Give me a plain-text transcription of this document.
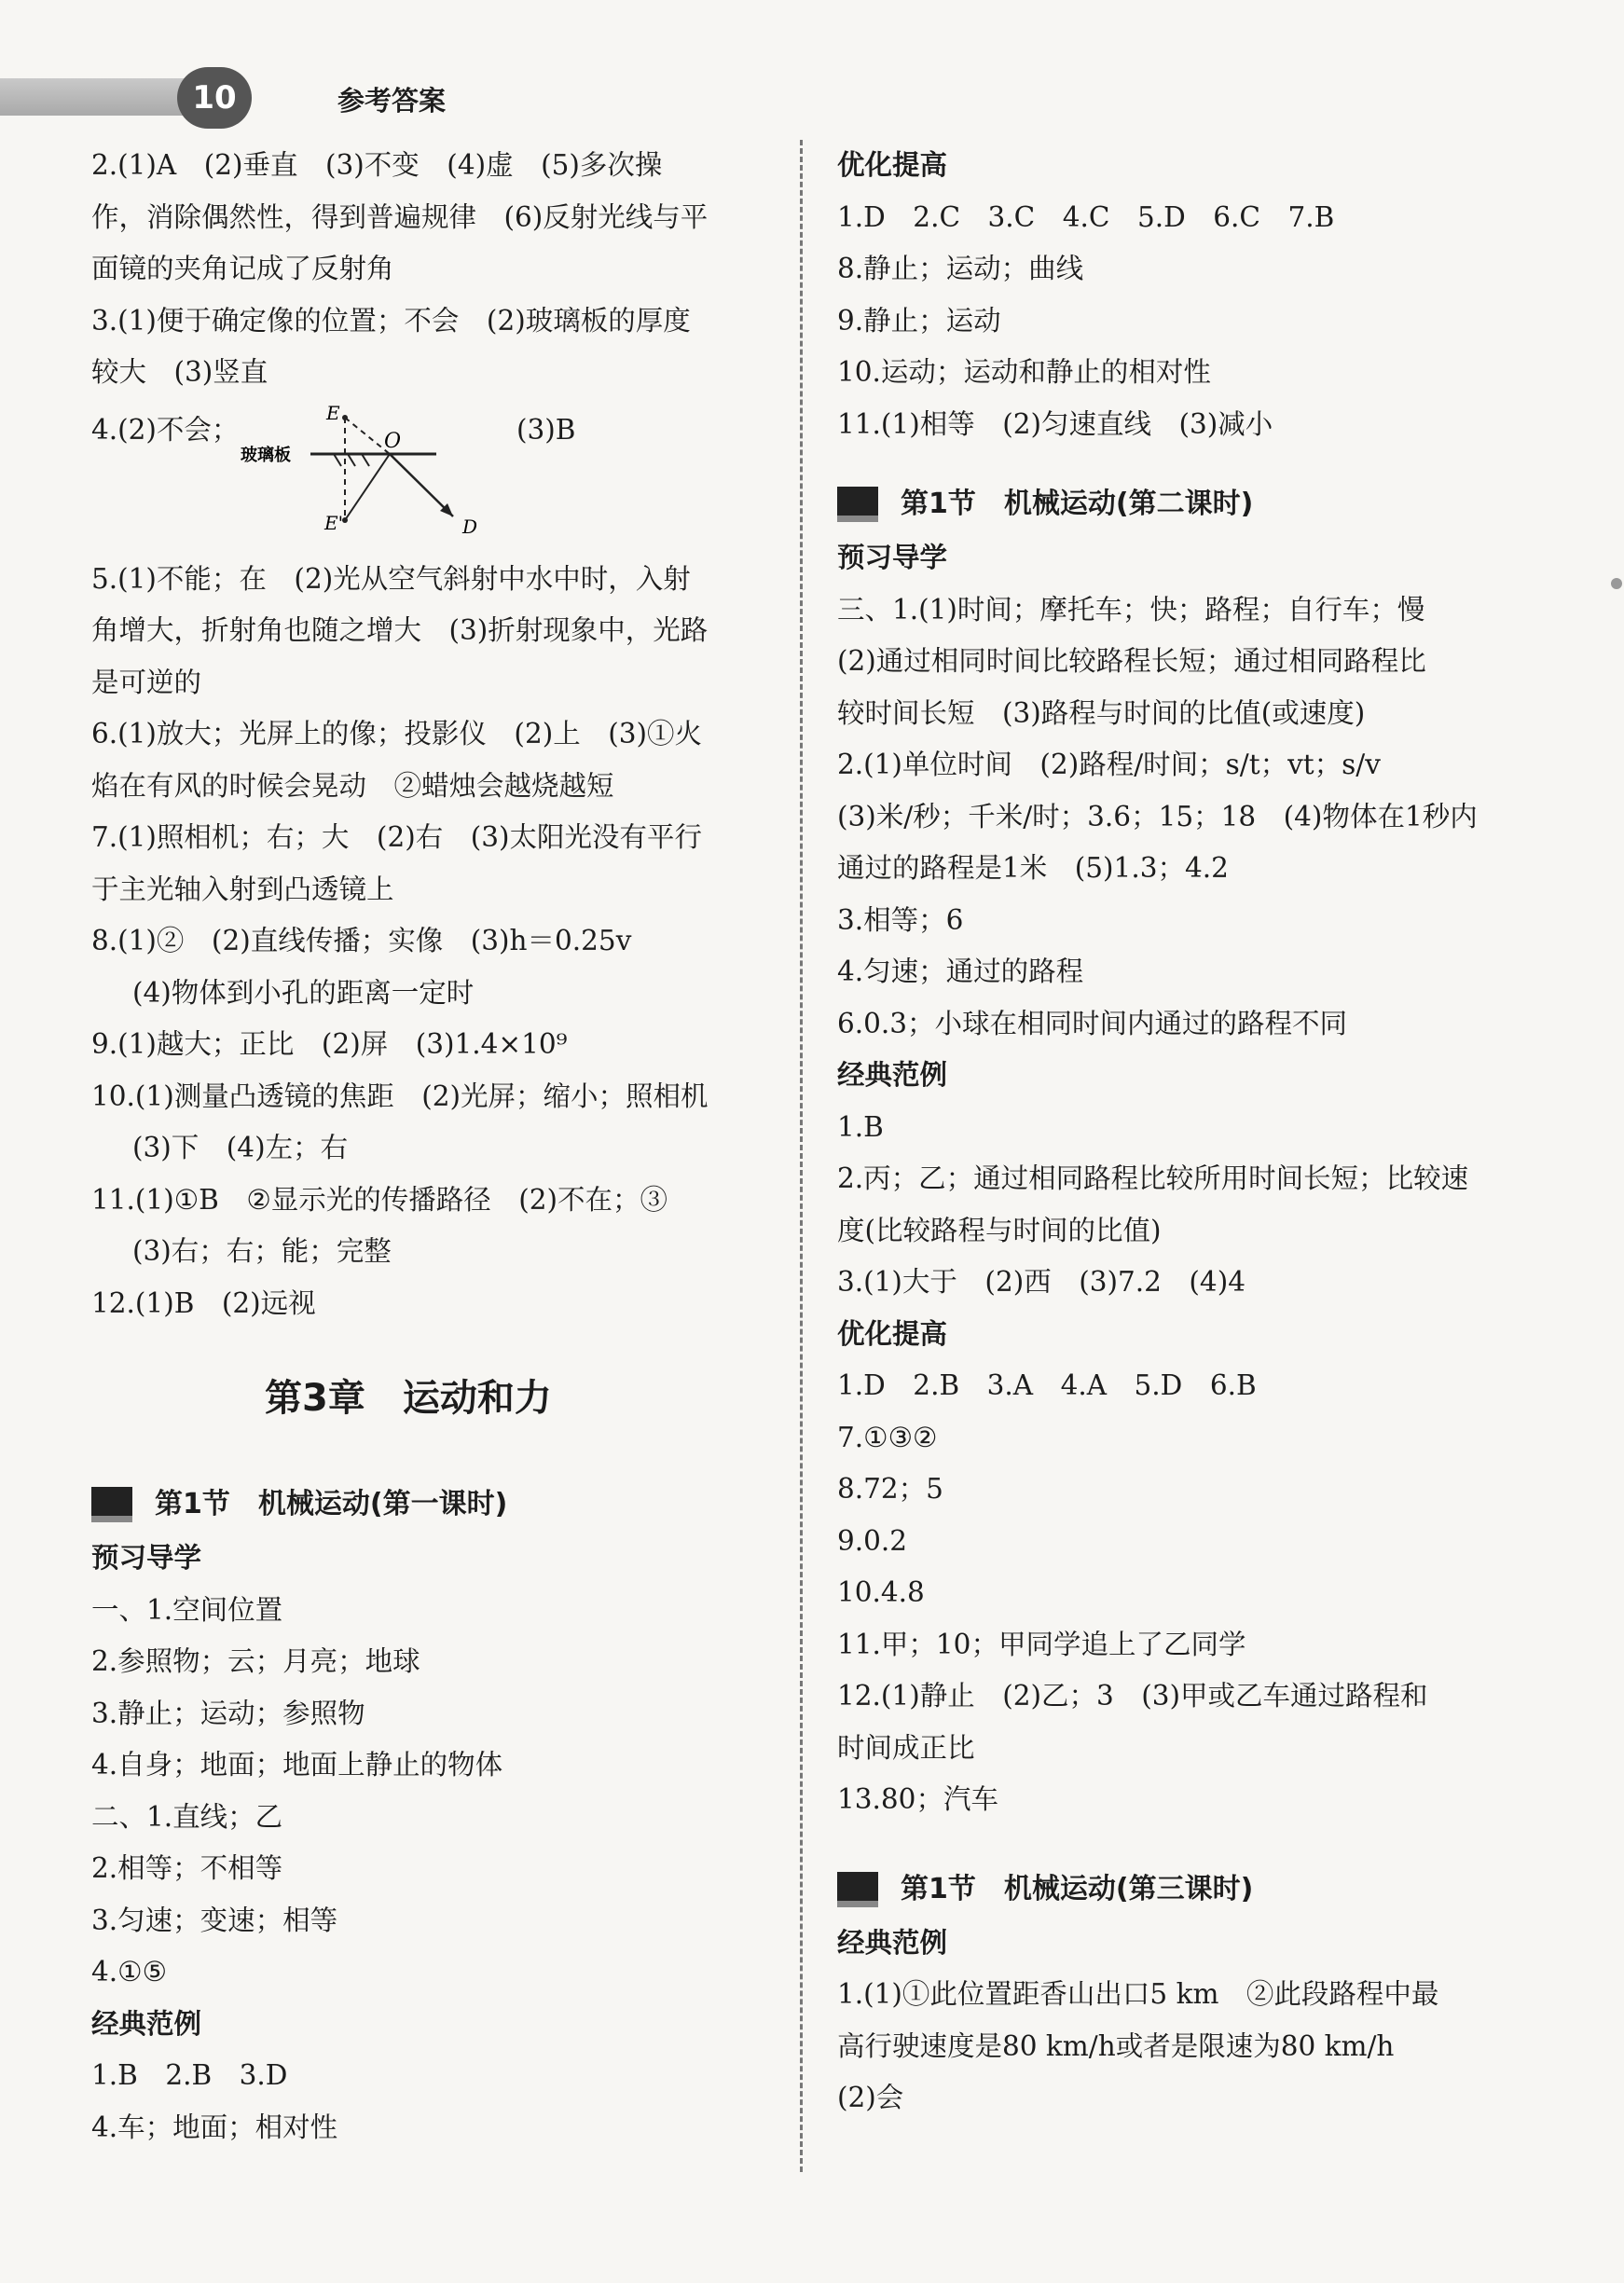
10	参考答案
2.(1)A　(2)垂直　(3)不变　(4)虚　(5)多次操
作，消除偶然性，得到普遍规律　(6)反射光线与平
面镜的夹角记成了反射角
3.(1)便于确定像的位置；不会　(2)玻璃板的厚度
较大　(3)竖直
4.(2)不会；	(3)B
玻璃板
E
E'
O
D
5.(1)不能；在　(2)光从空气斜射中水中时，入射
角增大，折射角也随之增大　(3)折射现象中，光路
是可逆的
6.(1)放大；光屏上的像；投影仪　(2)上　(3)①火
焰在有风的时候会晃动　②蜡烛会越烧越短
7.(1)照相机；右；大　(2)右　(3)太阳光没有平行
于主光轴入射到凸透镜上
8.(1)②　(2)直线传播；实像　(3)h＝0.25v
(4)物体到小孔的距离一定时
9.(1)越大；正比　(2)屏　(3)1.4×10⁹
10.(1)测量凸透镜的焦距　(2)光屏；缩小；照相机
(3)下　(4)左；右
11.(1)①B　②显示光的传播路径　(2)不在；③
(3)右；右；能；完整
12.(1)B　(2)远视
第3章　运动和力
第1节　机械运动(第一课时)
预习导学
一、1.空间位置
2.参照物；云；月亮；地球
3.静止；运动；参照物
4.自身；地面；地面上静止的物体
二、1.直线；乙
2.相等；不相等
3.匀速；变速；相等
4.①⑤
经典范例
1.B　2.B　3.D
4.车；地面；相对性
优化提高
1.D　2.C　3.C　4.C　5.D　6.C　7.B
8.静止；运动；曲线
9.静止；运动
10.运动；运动和静止的相对性
11.(1)相等　(2)匀速直线　(3)减小
第1节　机械运动(第二课时)
预习导学
三、1.(1)时间；摩托车；快；路程；自行车；慢
(2)通过相同时间比较路程长短；通过相同路程比
较时间长短　(3)路程与时间的比值(或速度)
2.(1)单位时间　(2)路程/时间；s/t；vt；s/v
(3)米/秒；千米/时；3.6；15；18　(4)物体在1秒内
通过的路程是1米　(5)1.3；4.2
3.相等；6
4.匀速；通过的路程
6.0.3；小球在相同时间内通过的路程不同
经典范例
1.B
2.丙；乙；通过相同路程比较所用时间长短；比较速
度(比较路程与时间的比值)
3.(1)大于　(2)西　(3)7.2　(4)4
优化提高
1.D　2.B　3.A　4.A　5.D　6.B
7.①③②
8.72；5
9.0.2
10.4.8
11.甲；10；甲同学追上了乙同学
12.(1)静止　(2)乙；3　(3)甲或乙车通过路程和
时间成正比
13.80；汽车
第1节　机械运动(第三课时)
经典范例
1.(1)①此位置距香山出口5 km　②此段路程中最
高行驶速度是80 km/h或者是限速为80 km/h
(2)会
